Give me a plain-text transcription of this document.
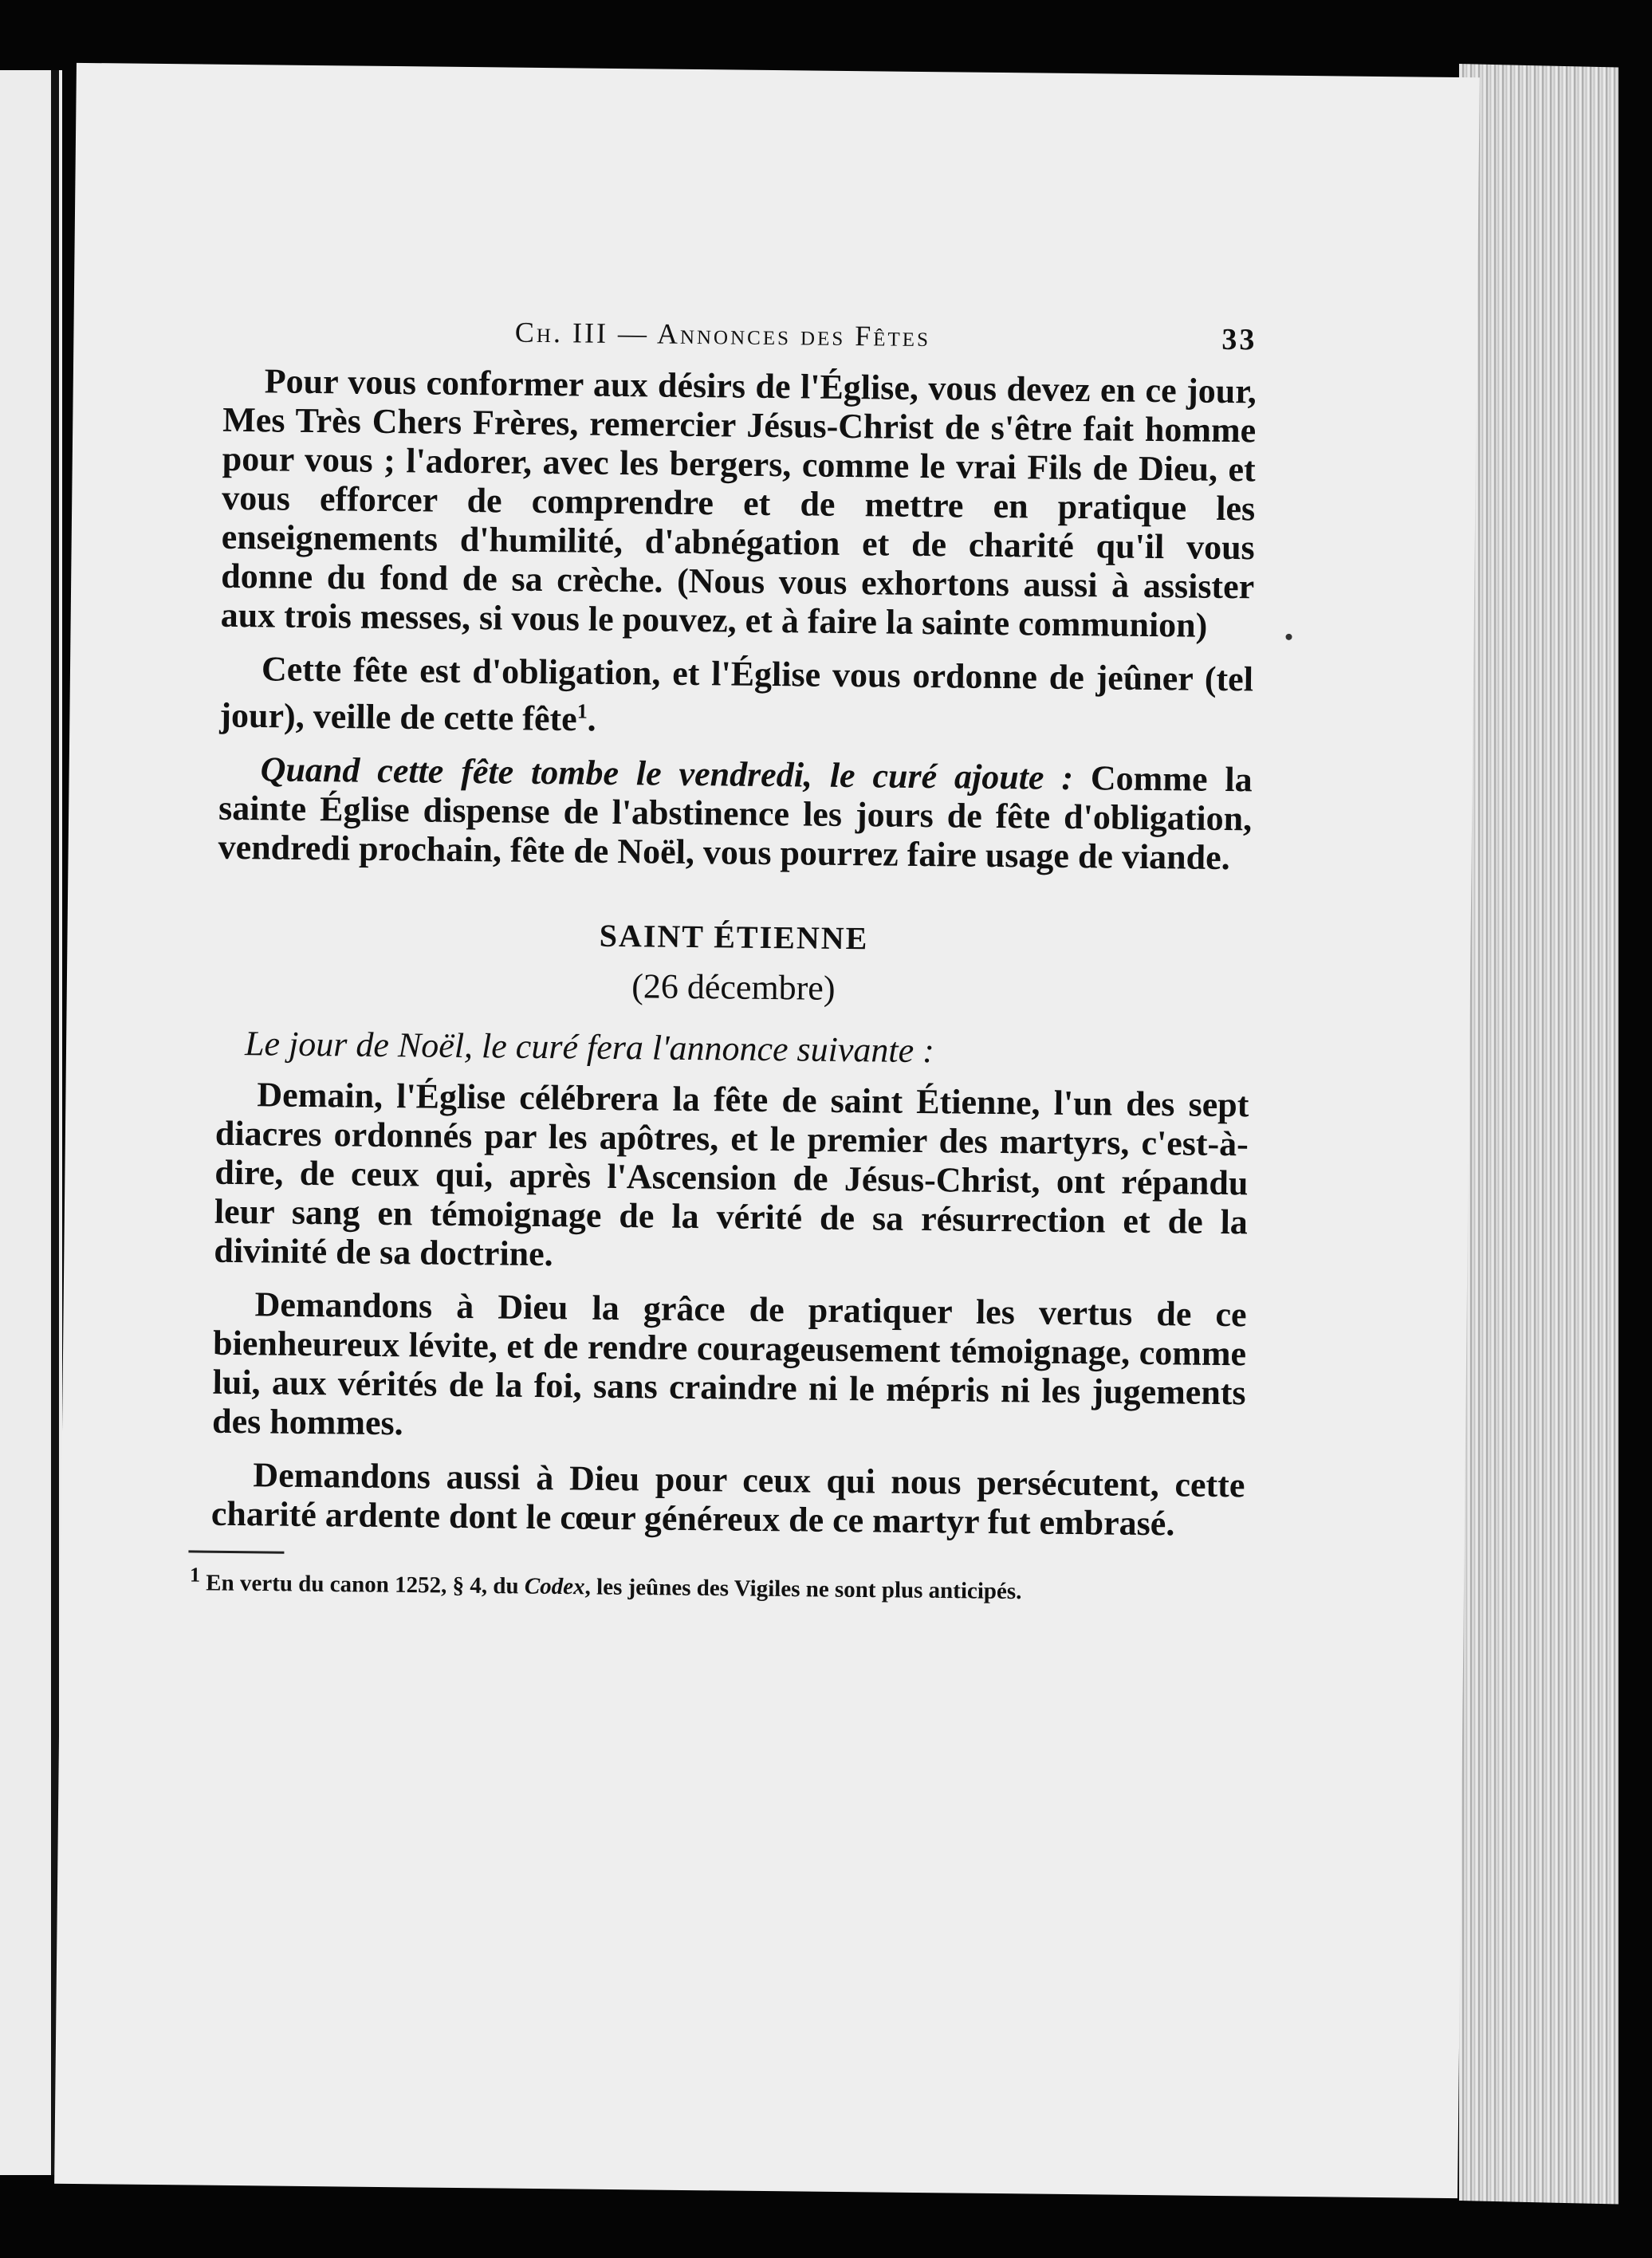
Ch. III — Annonces des Fêtes	33

Pour vous conformer aux désirs de l'Église, vous devez en ce jour, Mes Très Chers Frères, remercier Jésus-Christ de s'être fait homme pour vous ; l'adorer, avec les bergers, comme le vrai Fils de Dieu, et vous efforcer de comprendre et de mettre en pratique les enseignements d'humilité, d'abnégation et de charité qu'il vous donne du fond de sa crèche. (Nous vous exhortons aussi à assister aux trois messes, si vous le pouvez, et à faire la sainte communion)

Cette fête est d'obligation, et l'Église vous ordonne de jeûner (tel jour), veille de cette fête$^1$.

Quand cette fête tombe le vendredi, le curé ajoute : Comme la sainte Église dispense de l'abstinence les jours de fête d'obligation, vendredi prochain, fête de Noël, vous pourrez faire usage de viande.

SAINT ÉTIENNE
(26 décembre)
Le jour de Noël, le curé fera l'annonce suivante :

Demain, l'Église célébrera la fête de saint Étienne, l'un des sept diacres ordonnés par les apôtres, et le premier des martyrs, c'est-à-dire, de ceux qui, après l'Ascension de Jésus-Christ, ont répandu leur sang en témoignage de la vérité de sa résurrection et de la divinité de sa doctrine.

Demandons à Dieu la grâce de pratiquer les vertus de ce bienheureux lévite, et de rendre courageusement témoignage, comme lui, aux vérités de la foi, sans craindre ni le mépris ni les jugements des hommes.

Demandons aussi à Dieu pour ceux qui nous persécutent, cette charité ardente dont le cœur généreux de ce martyr fut embrasé.

$^1$ En vertu du canon 1252, § 4, du Codex, les jeûnes des Vigiles ne sont plus anticipés.
